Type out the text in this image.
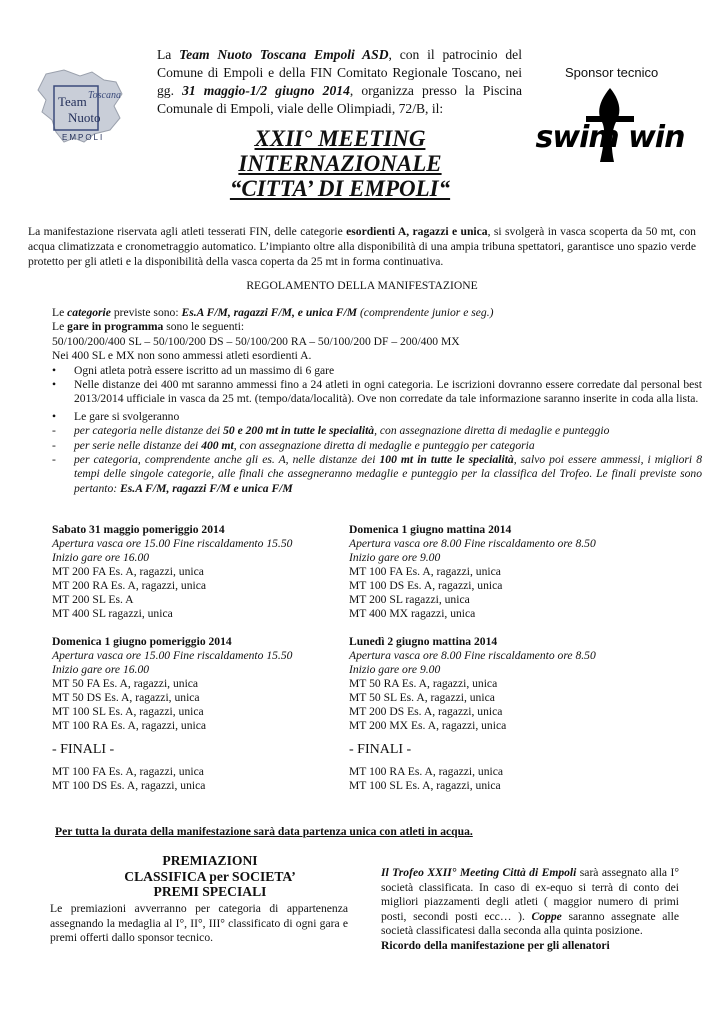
Toscana
Team
Nuoto
EMPOLI
La Team Nuoto Toscana Empoli ASD, con il patrocinio del Comune di Empoli e della FIN Comitato Regionale Toscano, nei gg. 31 maggio-1/2 giugno 2014, organizza presso la Piscina Comunale di Empoli, viale delle Olimpiadi, 72/B, il:
Sponsor tecnico
swim win
XXII° MEETING
INTERNAZIONALE
“CITTA’ DI EMPOLI“
La manifestazione riservata agli atleti tesserati FIN, delle categorie esordienti A, ragazzi e unica, si svolgerà in vasca scoperta da 50 mt, con acqua climatizzata e cronometraggio automatico. L’impianto oltre alla disponibilità di una ampia tribuna spettatori, garantisce uno spazio verde protetto per gli atleti e la disponibilità della vasca coperta da 25 mt in forma continuativa.
REGOLAMENTO DELLA MANIFESTAZIONE

Le categorie previste sono: Es.A F/M, ragazzi F/M, e unica F/M (comprendente junior e seg.)

Le gare in programma sono le seguenti:

50/100/200/400 SL – 50/100/200 DS – 50/100/200 RA – 50/100/200 DF – 200/400 MX

Nei 400 SL e MX non sono ammessi atleti esordienti A.

• Ogni atleta potrà essere iscritto ad un massimo di 6 gare

• Nelle distanze dei 400 mt saranno ammessi fino a 24 atleti in ogni categoria. Le iscrizioni dovranno essere corredate dal personal best 2013/2014 ufficiale in vasca da 25 mt. (tempo/data/località). Ove non corredate da tale informazione saranno inserite in coda alla lista.

• Le gare si svolgeranno

- per categoria nelle distanze dei 50 e 200 mt in tutte le specialità, con assegnazione diretta di medaglie e punteggio

- per serie nelle distanze dei 400 mt, con assegnazione diretta di medaglie e punteggio per categoria

- per categoria, comprendente anche gli es. A, nelle distanze dei 100 mt in tutte le specialità, salvo poi essere ammessi, i migliori 8 tempi delle singole categorie, alle finali che assegneranno medaglie e punteggio per la classifica del Trofeo. Le finali previste sono pertanto: Es.A F/M, ragazzi F/M e unica F/M

Sabato 31 maggio pomeriggio 2014

Apertura vasca ore 15.00 Fine riscaldamento 15.50

Inizio gare ore 16.00

MT 200 FA Es. A, ragazzi, unica

MT 200 RA Es. A, ragazzi, unica

MT 200 SL Es. A

MT 400 SL ragazzi, unica

Domenica 1 giugno mattina 2014

Apertura vasca ore 8.00 Fine riscaldamento ore 8.50

Inizio gare ore 9.00

MT 100 FA Es. A, ragazzi, unica

MT 100 DS Es. A, ragazzi, unica

MT 200 SL ragazzi, unica

MT 400 MX ragazzi, unica

Domenica 1 giugno pomeriggio 2014

Apertura vasca ore 15.00 Fine riscaldamento 15.50

Inizio gare ore 16.00

MT 50 FA Es. A, ragazzi, unica

MT 50 DS Es. A, ragazzi, unica

MT 100 SL Es. A, ragazzi, unica

MT 100 RA Es. A, ragazzi, unica

- FINALI -

MT 100 FA Es. A, ragazzi, unica

MT 100 DS Es. A, ragazzi, unica

Lunedì 2 giugno mattina 2014

Apertura vasca ore 8.00 Fine riscaldamento ore 8.50

Inizio gare ore 9.00

MT 50 RA Es. A, ragazzi, unica

MT 50 SL Es. A, ragazzi, unica

MT 200 DS Es. A, ragazzi, unica

MT 200 MX Es. A, ragazzi, unica

- FINALI -

MT 100 RA Es. A, ragazzi, unica

MT 100 SL Es. A, ragazzi, unica

Per tutta la durata della manifestazione sarà data partenza unica con atleti in acqua.
PREMIAZIONI
CLASSIFICA per SOCIETA’
PREMI SPECIALI
Le premiazioni avverranno per categoria di appartenenza assegnando la medaglia al I°, II°, III° classificato di ogni gara e premi offerti dallo sponsor tecnico.
Il Trofeo XXII° Meeting Città di Empoli sarà assegnato alla I° società classificata. In caso di ex-equo si terrà di conto dei migliori piazzamenti degli atleti ( maggior numero di primi posti, secondi posti ecc… ). Coppe saranno assegnate alle società classificatesi dalla seconda alla quinta posizione.
Ricordo della manifestazione per gli allenatori
